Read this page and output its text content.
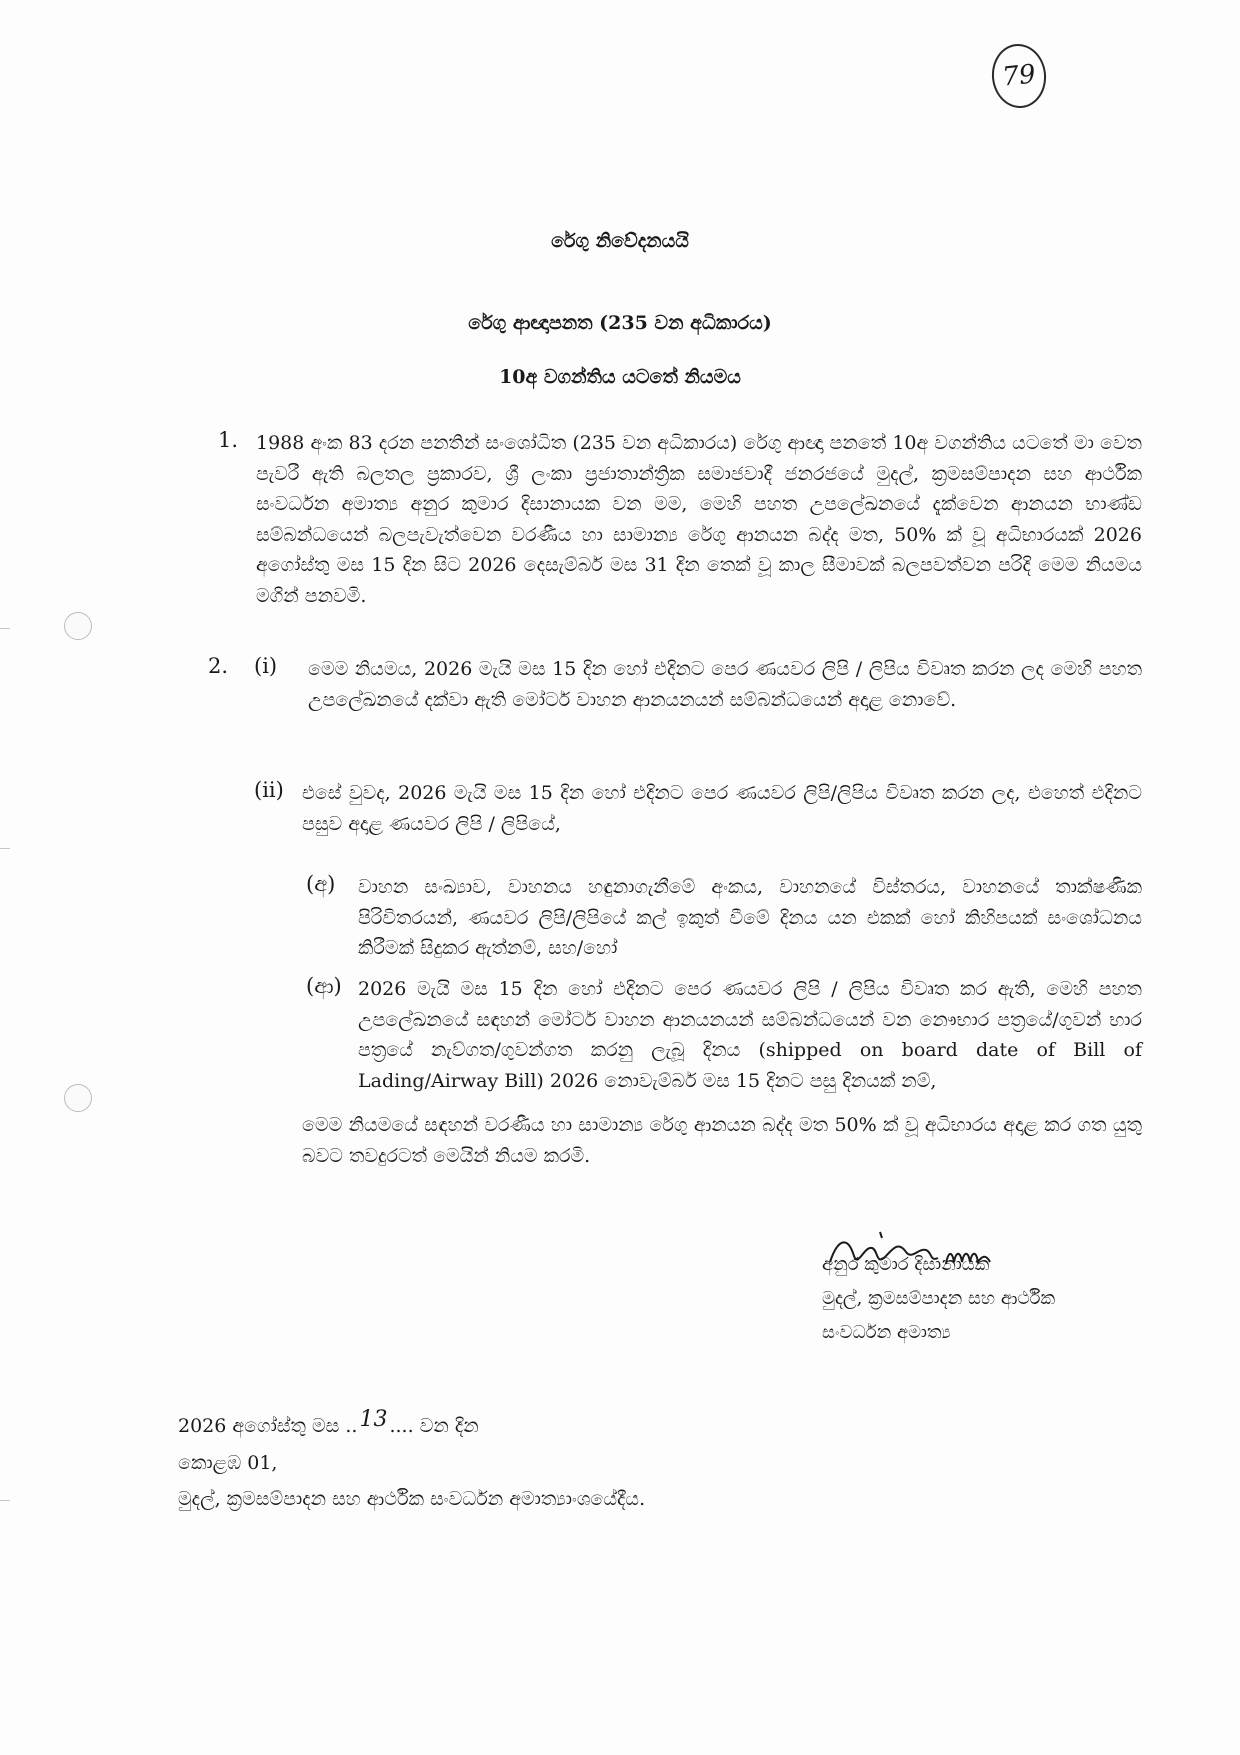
79
රේගු නිවේදනයයි
රේගු ආඥාපනත (235 වන අධිකාරය)
10අ වගන්තිය යටතේ නියමය
1. 1988 අංක 83 දරන පනතින් සංශෝධිත (235 වන අධිකාරය) රේගු ආඥා පනතේ 10අ වගන්තිය යටතේ මා වෙත පැවරී ඇති බලතල ප්‍රකාරව, ශ්‍රී ලංකා ප්‍රජාතාන්ත්‍රික සමාජවාදී ජනරජයේ මුදල්, ක්‍රමසම්පාදන සහ ආර්ථික සංවර්ධන අමාත්‍ය අනුර කුමාර දිසානායක වන මම, මෙහි පහත උපලේඛනයේ දැක්වෙන ආනයන භාණ්ඩ සම්බන්ධයෙන් බලපැවැත්වෙන වරණීය හා සාමාන්‍ය රේගු ආනයන බද්ද මත, 50% ක් වූ අධිභාරයක් 2026 අගෝස්තු මස 15 දින සිට 2026 දෙසැම්බර් මස 31 දින තෙක් වූ කාල සීමාවක් බලපවත්වන පරිදි මෙම නියමය මගින් පනවමි.
2. (i) මෙම නියමය, 2026 මැයි මස 15 දින හෝ එදිනට පෙර ණයවර ලිපි / ලිපිය විවෘත කරන ලද මෙහි පහත උපලේඛනයේ දක්වා ඇති මෝටර් වාහන ආනයනයන් සම්බන්ධයෙන් අදාළ නොවේ.
(ii) එසේ වුවද, 2026 මැයි මස 15 දින හෝ එදිනට පෙර ණයවර ලිපි/ලිපිය විවෘත කරන ලද, එහෙත් එදිනට පසුව අදාළ ණයවර ලිපි / ලිපියේ,
(අ) වාහන සංඛ්‍යාව, වාහනය හඳුනාගැනීමේ අංකය, වාහනයේ විස්තරය, වාහනයේ තාක්ෂණික පිරිවිතරයන්, ණයවර ලිපි/ලිපියේ කල් ඉකුත් වීමේ දිනය යන එකක් හෝ කිහිපයක් සංශෝධනය කිරීමක් සිදුකර ඇත්නම්, සහ/හෝ
(ආ) 2026 මැයි මස 15 දින හෝ එදිනට පෙර ණයවර ලිපි / ලිපිය විවෘත කර ඇති, මෙහි පහත උපලේඛනයේ සඳහන් මෝටර් වාහන ආනයනයන් සම්බන්ධයෙන් වන නෞභාර පත්‍රයේ/ගුවන් භාර පත්‍රයේ නැව්ගත/ගුවන්ගත කරනු ලැබූ දිනය (shipped on board date of Bill of Lading/Airway Bill) 2026 නොවැම්බර් මස 15 දිනට පසු දිනයක් නම්,
මෙම නියමයේ සඳහන් වරණීය හා සාමාන්‍ය රේගු ආනයන බද්ද මත 50% ක් වූ අධිභාරය අදාළ කර ගත යුතු බවට තවදුරටත් මෙයින් නියම කරමි.
අනුර කුමාර දිසානායක
මුදල්, ක්‍රමසම්පාදන සහ ආර්ථික
සංවර්ධන අමාත්‍ය
2026 අගෝස්තු මස ..13 .... වන දින
කොළඹ 01,
මුදල්, ක්‍රමසම්පාදන සහ ආර්ථික සංවර්ධන අමාත්‍යාංශයේදීය.
